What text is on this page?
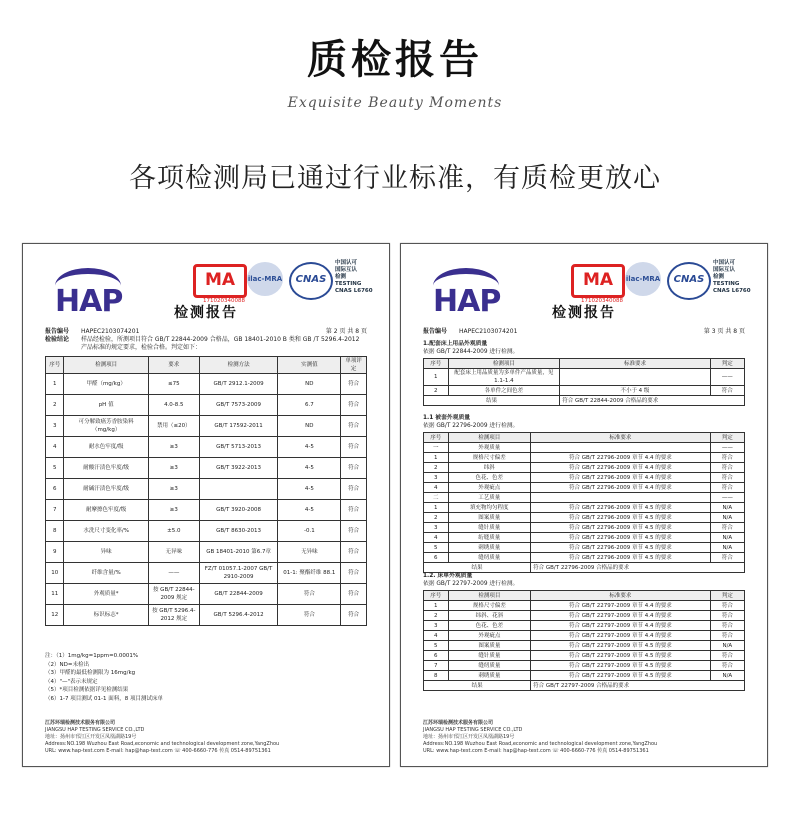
质检报告
Exquisite Beauty Moments
各项检测局已通过行业标准，有质检更放心
HAP
MA	ilac-MRA	CNAS
中国认可
国际互认
检测
TESTING
CNAS L6760
171020340088
检测报告
报告编号	HAPEC2103074201	第 2 页 共 8 页
检验结论	样品经检验，所测项目符合 GB/T 22844-2009 合格品，GB 18401-2010 B 类和 GB /T 5296.4-2012 产品标准的规定要求，检验合格。判定如下：
序号	检测项目	要求	检测方法	实测值	单项评定
1	甲醛（mg/kg）	≤75	GB/T 2912.1-2009	ND	符合
2	pH 值	4.0-8.5	GB/T 7573-2009	6.7	符合
3	可分解致癌芳香胺染料（mg/kg）	禁用（≤20）	GB/T 17592-2011	ND	符合
4	耐水色牢度/级	≥3	GB/T 5713-2013	4-5	符合
5	耐酸汗渍色牢度/级	≥3	GB/T 3922-2013	4-5	符合
6	耐碱汗渍色牢度/级	≥3		4-5	符合
7	耐摩擦色牢度/级	≥3	GB/T 3920-2008	4-5	符合
8	水洗尺寸变化率/%	±5.0	GB/T 8630-2013	-0.1	符合
9	异味	无异味	GB 18401-2010 第6.7章	无异味	符合
10	纤维含量/%	——	FZ/T 01057.1-2007 GB/T 2910-2009	01-1: 聚酯纤维 88.1	符合
11	外观质量*	按 GB/T 22844-2009 规定	GB/T 22844-2009	符合	符合
12	标识标志*	按 GB/T 5296.4-2012 规定	GB/T 5296.4-2012	符合	符合
注：（1）1mg/kg=1ppm=0.0001%
（2）ND=未检出
（3）甲醛的最低检测限为 16mg/kg
（4）"—"表示未规定
（5）*项目检测依据详见检测结果
（6）1-7 项目测试 01-1 面料，8 项目测试床单
江苏环瑞检测技术服务有限公司
JIANGSU HAP TESTING SERVICE CO.,LTD
地址：扬州市邗江区开发区凤凰湖路19号
Address:NO.198 Wuzhou East Road,economic and technological development zone,YangZhou
URL: www.hap-test.com E-mail: hap@hap-test.com ☏ 400-6660-776 传真 0514-89751361
HAP
MA	ilac-MRA	CNAS
中国认可
国际互认
检测
TESTING
CNAS L6760
171020340088
检测报告
报告编号	HAPEC2103074201	第 3 页 共 8 页
1.配套床上用品外观质量
依据 GB/T 22844-2009 进行检测。
序号	检测项目	标准要求	判定
1	配套床上用品质量为多单件产品质量，见 1.1-1.4		——
2	各单件之间色差	不小于 4 级	符合
结果		符合 GB/T 22844-2009 合格品的要求	
1.1 被套外观质量
依据 GB/T 22796-2009 进行检测。
序号	检测项目	标准要求	判定
一	外观质量		——
1	规格尺寸偏差	符合 GB/T 22796-2009 章节 4.4 的要求	符合
2	纬斜	符合 GB/T 22796-2009 章节 4.4 的要求	符合
3	色花、色差	符合 GB/T 22796-2009 章节 4.4 的要求	符合
4	外观疵点	符合 GB/T 22796-2009 章节 4.4 的要求	符合
二	工艺质量		——
1	填充物均匀程度	符合 GB/T 22796-2009 章节 4.5 的要求	N/A
2	图案质量	符合 GB/T 22796-2009 章节 4.5 的要求	N/A
3	缝针质量	符合 GB/T 22796-2009 章节 4.5 的要求	符合
4	绗缝质量	符合 GB/T 22796-2009 章节 4.5 的要求	N/A
5	刺绣质量	符合 GB/T 22796-2009 章节 4.5 的要求	N/A
6	缝纫质量	符合 GB/T 22796-2009 章节 4.5 的要求	符合
结果		符合 GB/T 22796-2009 合格品的要求	
1.2. 床单外观质量
依据 GB/T 22797-2009 进行检测。
序号	检测项目	标准要求	判定
1	规格尺寸偏差	符合 GB/T 22797-2009 章节 4.4 的要求	符合
2	纬斜、花斜	符合 GB/T 22797-2009 章节 4.4 的要求	符合
3	色花、色差	符合 GB/T 22797-2009 章节 4.4 的要求	符合
4	外观疵点	符合 GB/T 22797-2009 章节 4.4 的要求	符合
5	图案质量	符合 GB/T 22797-2009 章节 4.5 的要求	N/A
6	缝针质量	符合 GB/T 22797-2009 章节 4.5 的要求	符合
7	缝纫质量	符合 GB/T 22797-2009 章节 4.5 的要求	符合
8	刺绣质量	符合 GB/T 22797-2009 章节 4.5 的要求	N/A
结果		符合 GB/T 22797-2009 合格品的要求	
江苏环瑞检测技术服务有限公司
JIANGSU HAP TESTING SERVICE CO.,LTD
地址：扬州市邗江区开发区凤凰湖路19号
Address:NO.198 Wuzhou East Road,economic and technological development zone,YangZhou
URL: www.hap-test.com E-mail: hap@hap-test.com ☏ 400-6660-776 传真 0514-89751361
